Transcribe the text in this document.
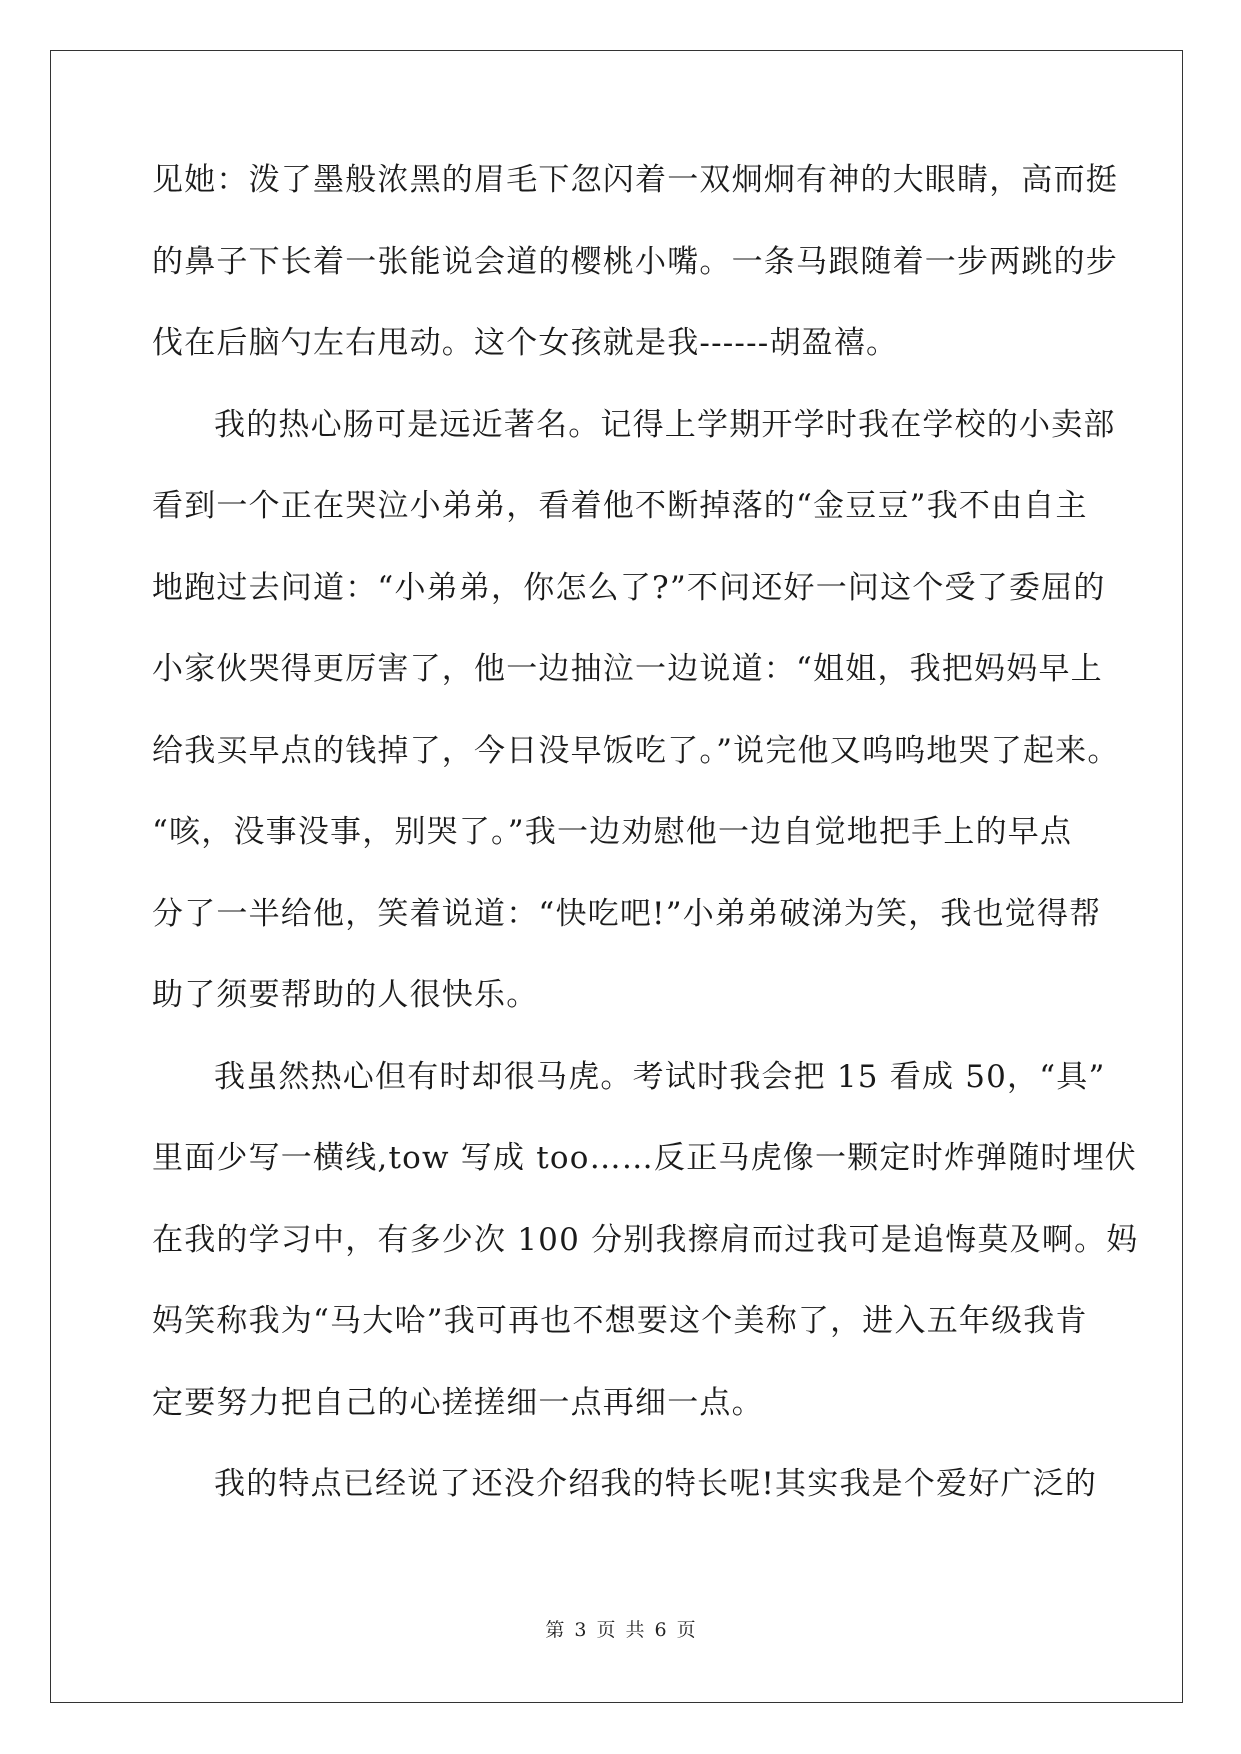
见她：泼了墨般浓黑的眉毛下忽闪着一双炯炯有神的大眼睛，高而挺
的鼻子下长着一张能说会道的樱桃小嘴。一条马跟随着一步两跳的步
伐在后脑勺左右甩动。这个女孩就是我------胡盈禧。
我的热心肠可是远近著名。记得上学期开学时我在学校的小卖部
看到一个正在哭泣小弟弟，看着他不断掉落的“金豆豆”我不由自主
地跑过去问道：“小弟弟，你怎么了?”不问还好一问这个受了委屈的
小家伙哭得更厉害了，他一边抽泣一边说道：“姐姐，我把妈妈早上
给我买早点的钱掉了，今日没早饭吃了。”说完他又呜呜地哭了起来。
“咳，没事没事，别哭了。”我一边劝慰他一边自觉地把手上的早点
分了一半给他，笑着说道：“快吃吧!”小弟弟破涕为笑，我也觉得帮
助了须要帮助的人很快乐。
我虽然热心但有时却很马虎。考试时我会把 15 看成 50，“具”
里面少写一横线,tow 写成 too……反正马虎像一颗定时炸弹随时埋伏
在我的学习中，有多少次 100 分别我擦肩而过我可是追悔莫及啊。妈
妈笑称我为“马大哈”我可再也不想要这个美称了，进入五年级我肯
定要努力把自己的心搓搓细一点再细一点。
我的特点已经说了还没介绍我的特长呢!其实我是个爱好广泛的
第 3 页 共 6 页
